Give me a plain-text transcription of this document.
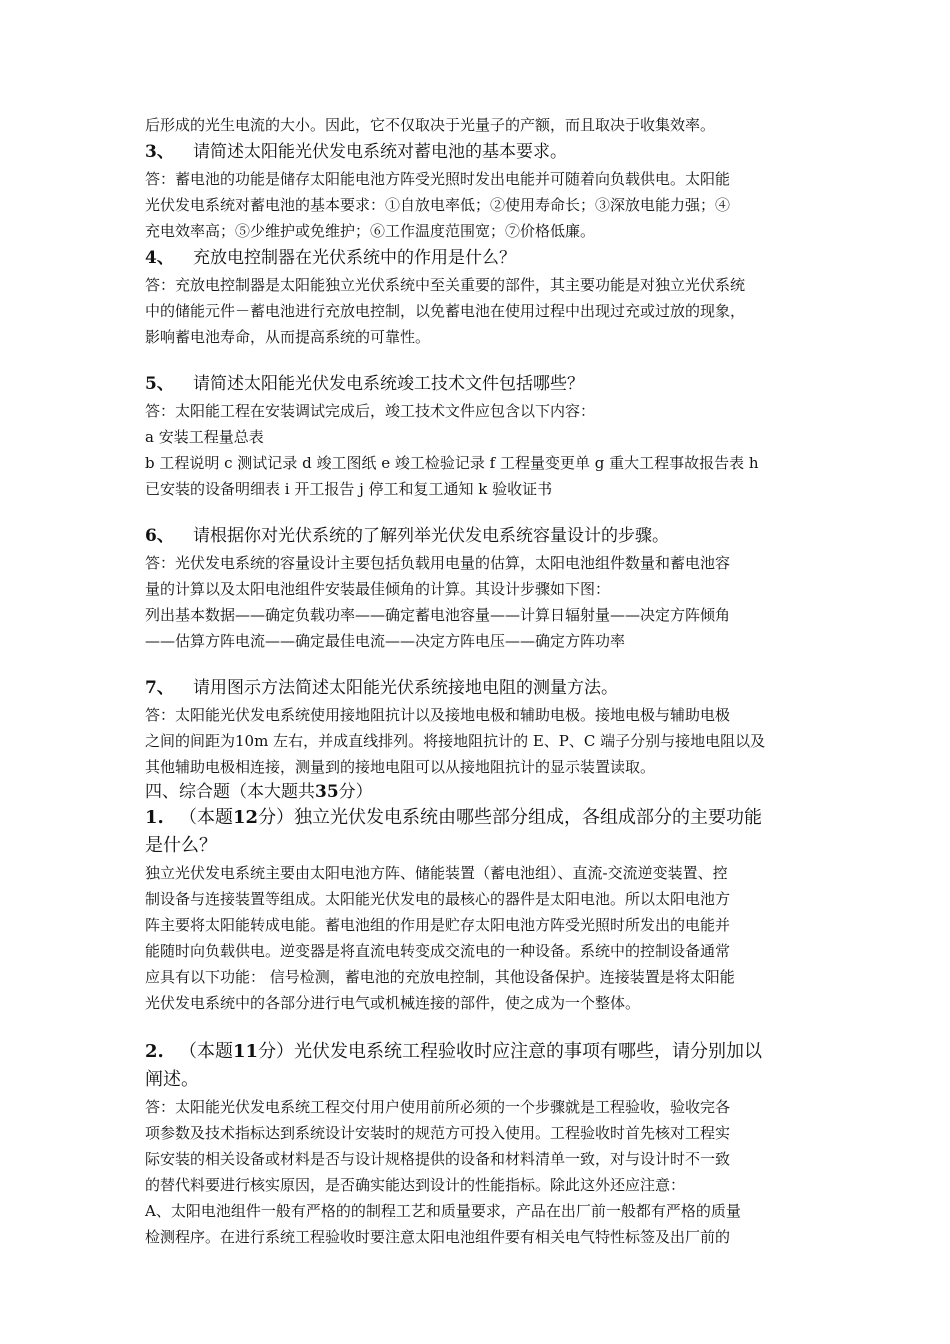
后形成的光生电流的大小。因此，它不仅取决于光量子的产额，而且取决于收集效率。
3、 请简述太阳能光伏发电系统对蓄电池的基本要求。
答：蓄电池的功能是储存太阳能电池方阵受光照时发出电能并可随着向负载供电。太阳能
光伏发电系统对蓄电池的基本要求：①自放电率低；②使用寿命长；③深放电能力强；④
充电效率高；⑤少维护或免维护；⑥工作温度范围宽；⑦价格低廉。
4、 充放电控制器在光伏系统中的作用是什么？
答：充放电控制器是太阳能独立光伏系统中至关重要的部件，其主要功能是对独立光伏系统
中的储能元件－蓄电池进行充放电控制，以免蓄电池在使用过程中出现过充或过放的现象，
影响蓄电池寿命，从而提高系统的可靠性。
5、 请简述太阳能光伏发电系统竣工技术文件包括哪些？
答：太阳能工程在安装调试完成后，竣工技术文件应包含以下内容：
a 安装工程量总表
b 工程说明 c 测试记录 d 竣工图纸 e 竣工检验记录 f 工程量变更单 g 重大工程事故报告表 h
已安装的设备明细表 i 开工报告 j 停工和复工通知 k 验收证书
6、 请根据你对光伏系统的了解列举光伏发电系统容量设计的步骤。
答：光伏发电系统的容量设计主要包括负载用电量的估算，太阳电池组件数量和蓄电池容
量的计算以及太阳电池组件安装最佳倾角的计算。其设计步骤如下图：
列出基本数据——确定负载功率——确定蓄电池容量——计算日辐射量——决定方阵倾角
——估算方阵电流——确定最佳电流——决定方阵电压——确定方阵功率
7、 请用图示方法简述太阳能光伏系统接地电阻的测量方法。
答：太阳能光伏发电系统使用接地阻抗计以及接地电极和辅助电极。接地电极与辅助电极
之间的间距为10m 左右，并成直线排列。将接地阻抗计的 E、P、C 端子分别与接地电阻以及
其他辅助电极相连接，测量到的接地电阻可以从接地阻抗计的显示装置读取。
四、综合题（本大题共35分）
1. （本题12分）独立光伏发电系统由哪些部分组成，各组成部分的主要功能
是什么？
独立光伏发电系统主要由太阳电池方阵、储能装置（蓄电池组）、直流-交流逆变装置、控
制设备与连接装置等组成。太阳能光伏发电的最核心的器件是太阳电池。所以太阳电池方
阵主要将太阳能转成电能。蓄电池组的作用是贮存太阳电池方阵受光照时所发出的电能并
能随时向负载供电。逆变器是将直流电转变成交流电的一种设备。系统中的控制设备通常
应具有以下功能： 信号检测，蓄电池的充放电控制，其他设备保护。连接装置是将太阳能
光伏发电系统中的各部分进行电气或机械连接的部件，使之成为一个整体。
2. （本题11分）光伏发电系统工程验收时应注意的事项有哪些，请分别加以
阐述。
答：太阳能光伏发电系统工程交付用户使用前所必须的一个步骤就是工程验收，验收完各
项参数及技术指标达到系统设计安装时的规范方可投入使用。工程验收时首先核对工程实
际安装的相关设备或材料是否与设计规格提供的设备和材料清单一致，对与设计时不一致
的替代料要进行核实原因，是否确实能达到设计的性能指标。除此这外还应注意：
A、太阳电池组件一般有严格的的制程工艺和质量要求，产品在出厂前一般都有严格的质量
检测程序。在进行系统工程验收时要注意太阳电池组件要有相关电气特性标签及出厂前的
